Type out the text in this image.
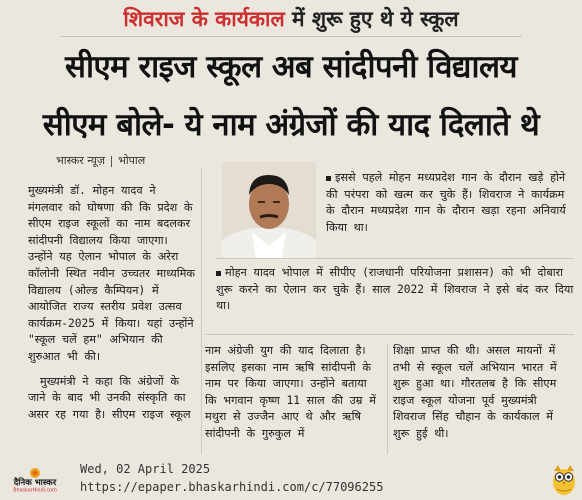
शिवराज के कार्यकाल में शुरू हुए थे ये स्कूल
सीएम राइज स्कूल अब सांदीपनी विद्यालय
सीएम बोले- ये नाम अंग्रेजों की याद दिलाते थे
भास्कर न्यूज़ भोपाल

मुख्यमंत्री डॉ. मोहन यादव ने मंगलवार को घोषणा की कि प्रदेश के सीएम राइज स्कूलों का नाम बदलकर सांदीपनी विद्यालय किया जाएगा। उन्होंने यह ऐलान भोपाल के अरेरा कॉलोनी स्थित नवीन उच्चतर माध्यमिक विद्यालय (ओल्ड कैम्पियन) में आयोजित राज्य स्तरीय प्रवेश उत्सव कार्यक्रम-2025 में किया। यहां उन्होंने "स्कूल चलें हम" अभियान की शुरुआत भी की।

मुख्यमंत्री ने कहा कि अंग्रेजों के जाने के बाद भी उनकी संस्कृति का असर रह गया है। सीएम राइज स्कूल

इससे पहले मोहन मध्यप्रदेश गान के दौरान खड़े होने की परंपरा को खत्म कर चुके हैं। शिवराज ने कार्यक्रम के दौरान मध्यप्रदेश गान के दौरान खड़ा रहना अनिवार्य किया था।

मोहन यादव भोपाल में सीपीए (राजधानी परियोजना प्रशासन) को भी दोबारा शुरू करने का ऐलान कर चुके हैं। साल 2022 में शिवराज ने इसे बंद कर दिया था।

नाम अंग्रेजी युग की याद दिलाता है। इसलिए इसका नाम ऋषि सांदीपनी के नाम पर किया जाएगा। उन्होंने बताया कि भगवान कृष्ण 11 साल की उम्र में मथुरा से उज्जैन आए थे और ऋषि सांदीपनी के गुरुकुल में

शिक्षा प्राप्त की थी। असल मायनों में तभी से स्कूल चलें अभियान भारत में शुरू हुआ था। गौरतलब है कि सीएम राइज स्कूल योजना पूर्व मुख्यमंत्री शिवराज सिंह चौहान के कार्यकाल में शुरू हुई थी।

दैनिक भास्कर
BhaskarHindi.com
Wed, 02 April 2025
https://epaper.bhaskarhindi.com/c/77096255
